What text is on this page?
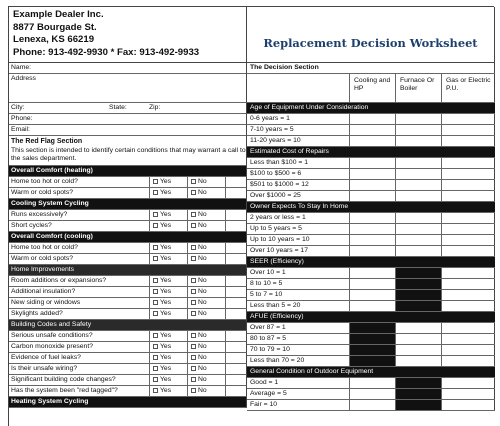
Example Dealer Inc.
8877 Bourgade St.
Lenexa, KS 66219
Phone: 913-492-9930 * Fax: 913-492-9933
Name:
Address
City:	State:	Zip:
Phone:
Email:
The Red Flag Section
This section is intended to identify certain conditions that may warrant a call to the sales department.
Overall Comfort (heating)
Home too hot or cold?	Yes	No
Warm or cold spots?	Yes	No
Cooling System Cycling
Runs excessively?	Yes	No
Short cycles?	Yes	No
Overall Comfort (cooling)
Home too hot or cold?	Yes	No
Warm or cold spots?	Yes	No
Home Improvements
Room additions or expansions?	Yes	No
Additional insulation?	Yes	No
New siding or windows	Yes	No
Skylights added?	Yes	No
Building Codes and Safety
Serious unsafe conditions?	Yes	No
Carbon monoxide present?	Yes	No
Evidence of fuel leaks?	Yes	No
Is their unsafe wiring?	Yes	No
Significant building code changes?	Yes	No
Has the system been "red tagged"?	Yes	No
Heating System Cycling
Replacement Decision Worksheet
The Decision Section
Cooling and HP
Furnace Or Boiler
Gas or Electric P.U.
Age of Equipment Under Consideration
0-6 years = 1
7-10 years = 5
11-20 years = 10
Estimated Cost of Repairs
Less than $100 = 1
$100 to $500 = 6
$501 to $1000 = 12
Over $1000 = 25
Owner Expects To Stay In Home
2 years or less = 1
Up to 5 years = 5
Up to 10 years = 10
Over 10 years = 17
SEER (Efficiency)
Over 10 = 1
8 to 10 = 5
5 to 7 = 10
Less than 5 = 20
AFUE (Efficiency)
Over 87 = 1
80 to 87 = 5
70 to 79 = 10
Less than 70 = 20
General Condition of Outdoor Equipment
Good = 1
Average = 5
Fair = 10
